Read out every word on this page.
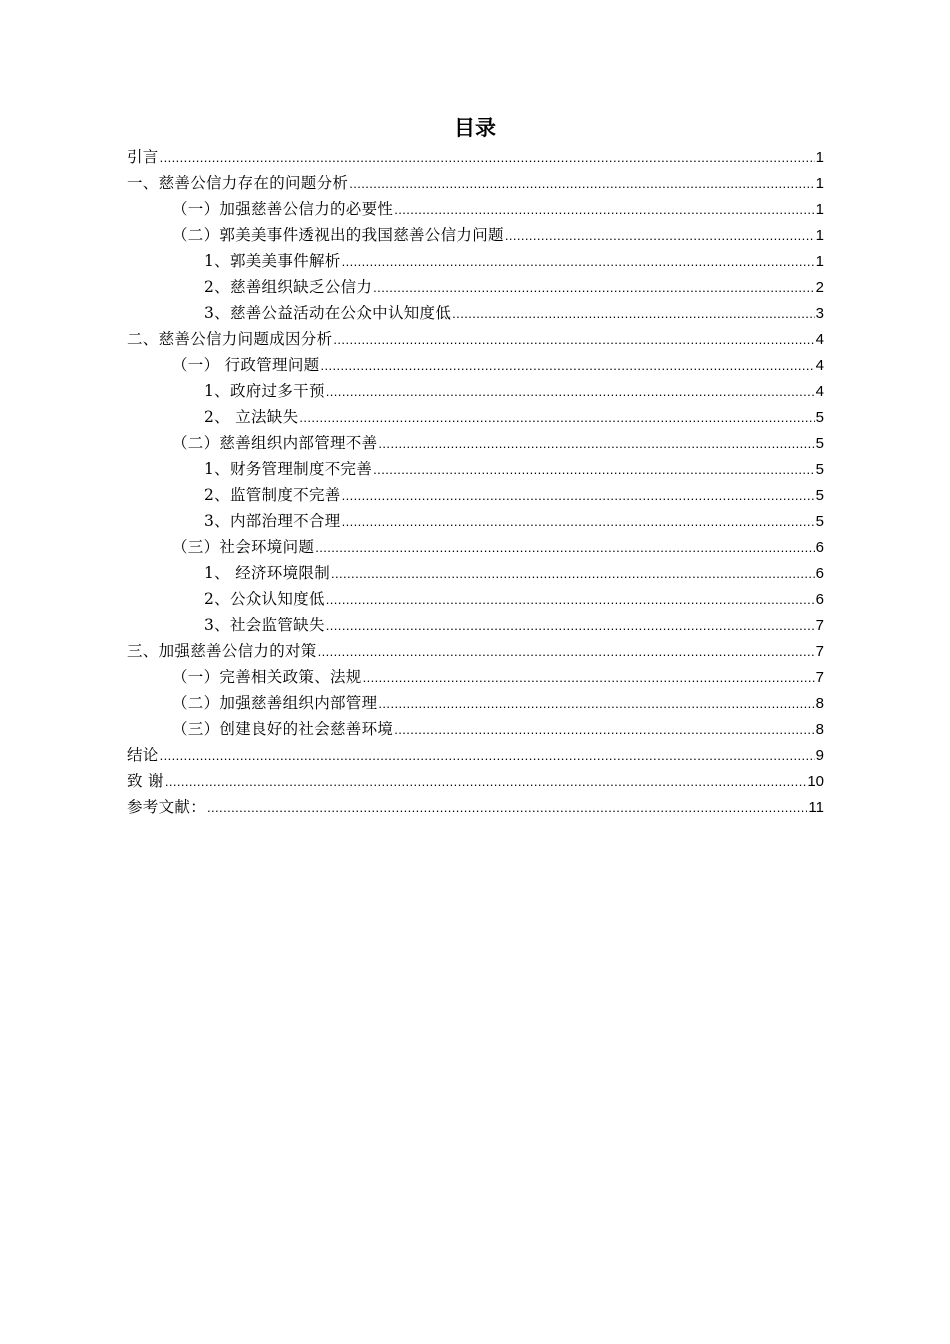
目录
引言 .....	1
一、慈善公信力存在的问题分析 .....	1
（一）加强慈善公信力的必要性 .....	1
（二）郭美美事件透视出的我国慈善公信力问题 .....	1
1、郭美美事件解析 .....	1
2、慈善组织缺乏公信力 .....	2
3、慈善公益活动在公众中认知度低 .....	3
二、慈善公信力问题成因分析 .....	4
（一） 行政管理问题 .....	4
1、政府过多干预 .....	4
2、 立法缺失 .....	5
（二）慈善组织内部管理不善 .....	5
1、财务管理制度不完善 .....	5
2、监管制度不完善 .....	5
3、内部治理不合理 .....	5
（三）社会环境问题 .....	6
1、 经济环境限制 .....	6
2、公众认知度低 .....	6
3、社会监管缺失 .....	7
三、加强慈善公信力的对策 .....	7
（一）完善相关政策、法规 .....	7
（二）加强慈善组织内部管理 .....	8
（三）创建良好的社会慈善环境 .....	8
结论 .....	9
致 谢 .....	10
参考文献： .....	11
